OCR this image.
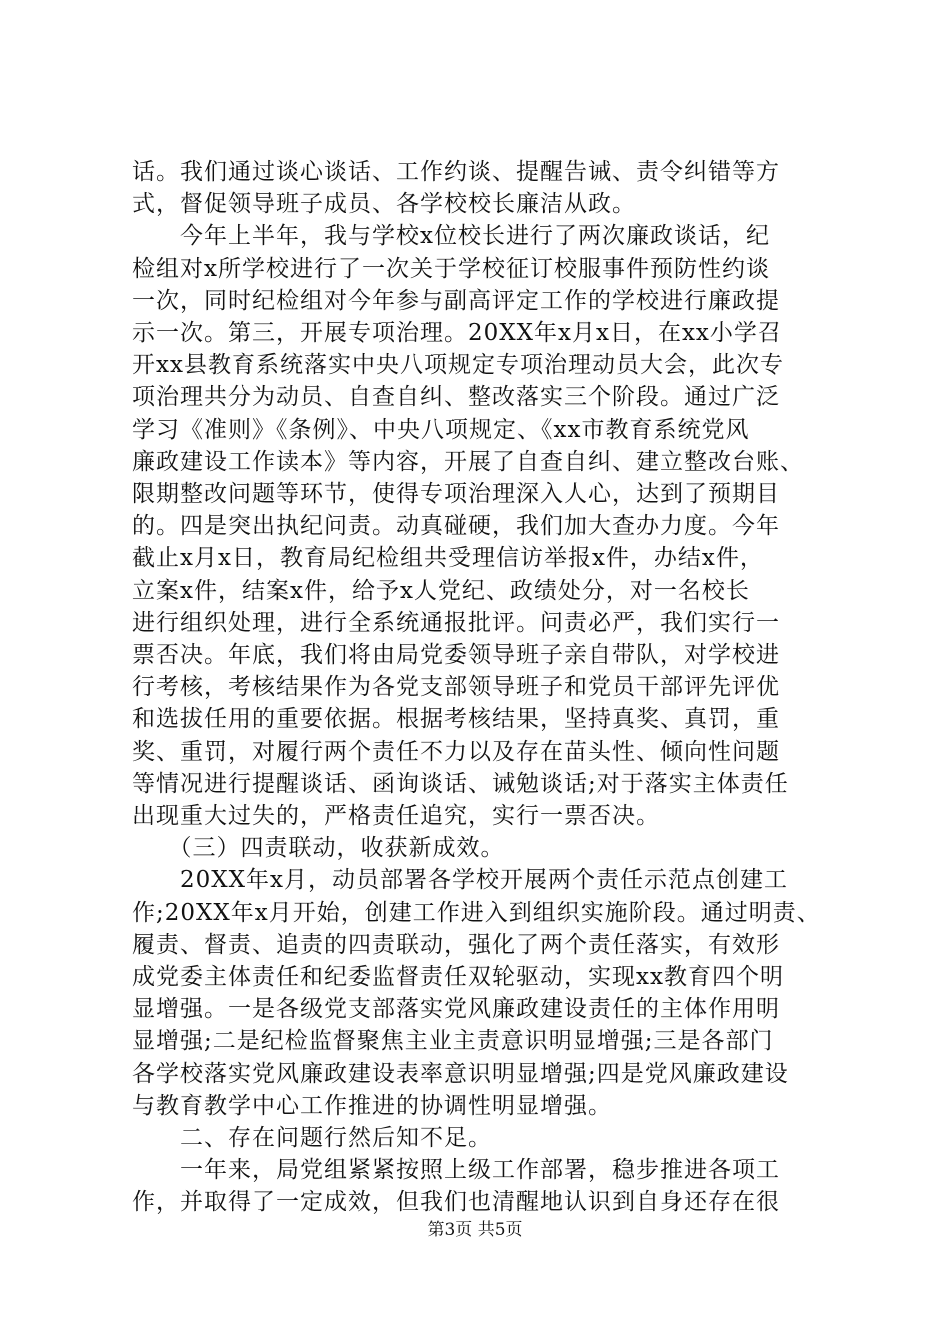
话。我们通过谈心谈话、工作约谈、提醒告诫、责令纠错等方
式，督促领导班子成员、各学校校长廉洁从政。
　　今年上半年，我与学校x位校长进行了两次廉政谈话，纪
检组对x所学校进行了一次关于学校征订校服事件预防性约谈
一次，同时纪检组对今年参与副高评定工作的学校进行廉政提
示一次。第三，开展专项治理。20XX年x月x日，在xx小学召
开xx县教育系统落实中央八项规定专项治理动员大会，此次专
项治理共分为动员、自查自纠、整改落实三个阶段。通过广泛
学习《准则》《条例》、中央八项规定、《xx市教育系统党风
廉政建设工作读本》等内容，开展了自查自纠、建立整改台账、
限期整改问题等环节，使得专项治理深入人心，达到了预期目
的。四是突出执纪问责。动真碰硬，我们加大查办力度。今年
截止x月x日，教育局纪检组共受理信访举报x件，办结x件，
立案x件，结案x件，给予x人党纪、政绩处分，对一名校长
进行组织处理，进行全系统通报批评。问责必严，我们实行一
票否决。年底，我们将由局党委领导班子亲自带队，对学校进
行考核，考核结果作为各党支部领导班子和党员干部评先评优
和选拔任用的重要依据。根据考核结果，坚持真奖、真罚，重
奖、重罚，对履行两个责任不力以及存在苗头性、倾向性问题
等情况进行提醒谈话、函询谈话、诫勉谈话;对于落实主体责任
出现重大过失的，严格责任追究，实行一票否决。
　　（三）四责联动，收获新成效。
　　20XX年x月，动员部署各学校开展两个责任示范点创建工
作;20XX年x月开始，创建工作进入到组织实施阶段。通过明责、
履责、督责、追责的四责联动，强化了两个责任落实，有效形
成党委主体责任和纪委监督责任双轮驱动，实现xx教育四个明
显增强。一是各级党支部落实党风廉政建设责任的主体作用明
显增强;二是纪检监督聚焦主业主责意识明显增强;三是各部门
各学校落实党风廉政建设表率意识明显增强;四是党风廉政建设
与教育教学中心工作推进的协调性明显增强。
　　二、存在问题行然后知不足。
　　一年来，局党组紧紧按照上级工作部署，稳步推进各项工
作，并取得了一定成效，但我们也清醒地认识到自身还存在很
第3页 共5页
